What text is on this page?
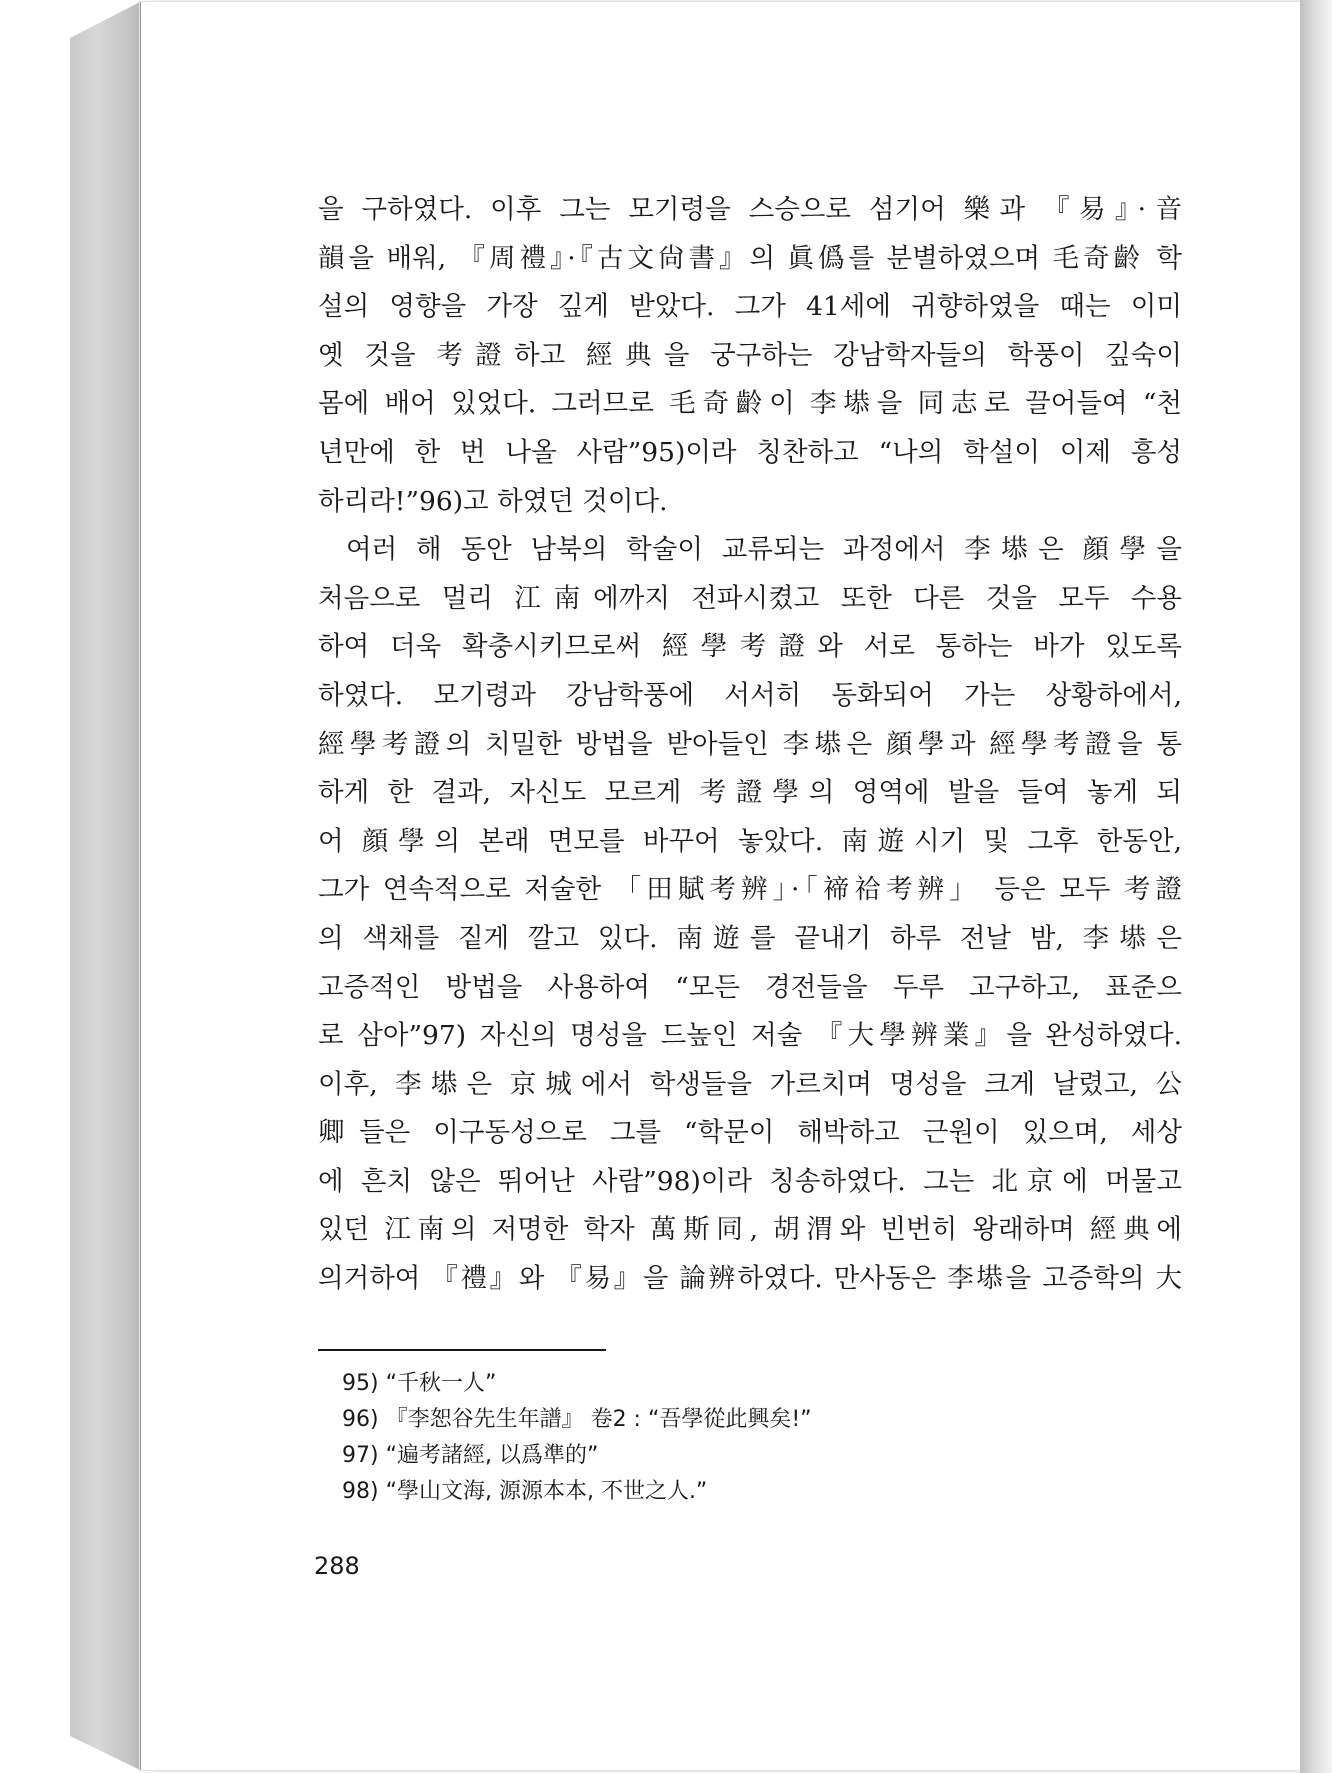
을 구하였다. 이후 그는 모기령을 스승으로 섬기어 樂과 『易』·音
韻을 배워, 『周禮』·『古文尙書』의 眞僞를 분별하였으며 毛奇齡 학
설의 영향을 가장 깊게 받았다. 그가 41세에 귀향하였을 때는 이미
옛 것을 考證하고 經典을 궁구하는 강남학자들의 학풍이 깊숙이
몸에 배어 있었다. 그러므로 毛奇齡이 李塨을 同志로 끌어들여 “천
년만에 한 번 나올 사람”95)이라 칭찬하고 “나의 학설이 이제 흥성
하리라!”96)고 하였던 것이다.
여러 해 동안 남북의 학술이 교류되는 과정에서 李塨은 顔學을
처음으로 멀리 江南에까지 전파시켰고 또한 다른 것을 모두 수용
하여 더욱 확충시키므로써 經學考證와 서로 통하는 바가 있도록
하였다. 모기령과 강남학풍에 서서히 동화되어 가는 상황하에서,
經學考證의 치밀한 방법을 받아들인 李塨은 顔學과 經學考證을 통
하게 한 결과, 자신도 모르게 考證學의 영역에 발을 들여 놓게 되
어 顔學의 본래 면모를 바꾸어 놓았다. 南遊시기 및 그후 한동안,
그가 연속적으로 저술한 「田賦考辨」·「禘祫考辨」 등은 모두 考證
의 색채를 짙게 깔고 있다. 南遊를 끝내기 하루 전날 밤, 李塨은
고증적인 방법을 사용하여 “모든 경전들을 두루 고구하고, 표준으
로 삼아”97) 자신의 명성을 드높인 저술 『大學辨業』을 완성하였다.
이후, 李塨은 京城에서 학생들을 가르치며 명성을 크게 날렸고, 公
卿들은 이구동성으로 그를 “학문이 해박하고 근원이 있으며, 세상
에 흔치 않은 뛰어난 사람”98)이라 칭송하였다. 그는 北京에 머물고
있던 江南의 저명한 학자 萬斯同, 胡渭와 빈번히 왕래하며 經典에
의거하여 『禮』와 『易』을 論辨하였다. 만사동은 李塨을 고증학의 大
95) “千秋一人”
96) 『李恕谷先生年譜』 卷2 : “吾學從此興矣!”
97) “遍考諸經, 以爲準的”
98) “學山文海, 源源本本, 不世之人.”
288
